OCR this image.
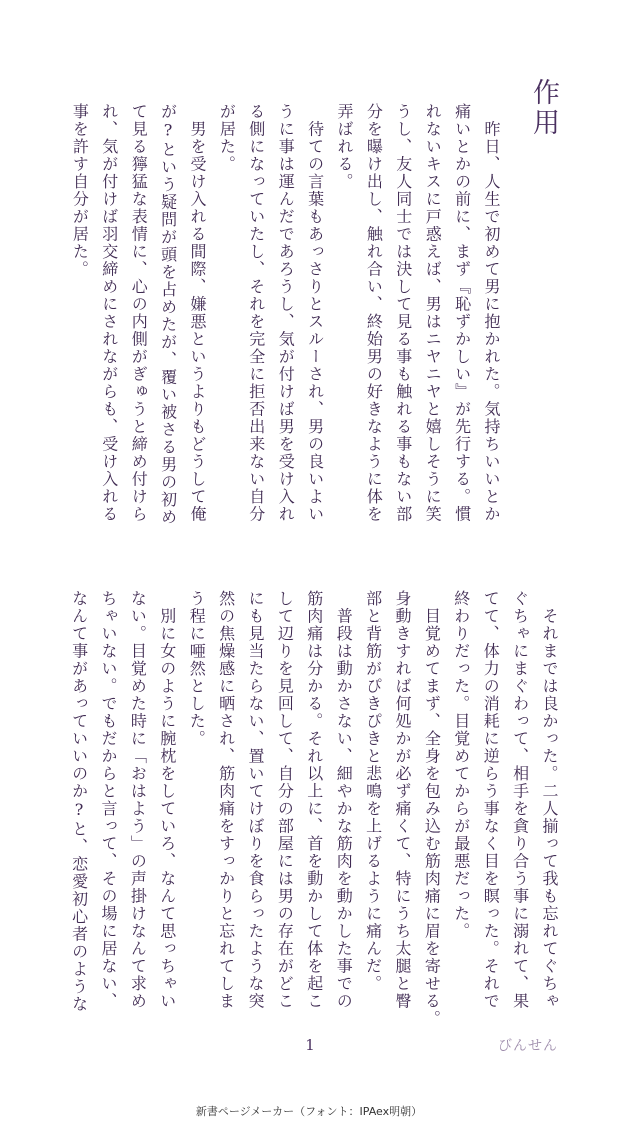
作用
　昨日、人生で初めて男に抱かれた。気持ちいいとか
痛いとかの前に、まず『恥ずかしい』が先行する。慣
れないキスに戸惑えば、男はニヤニヤと嬉しそうに笑
うし、友人同士では決して見る事も触れる事もない部
分を曝け出し、触れ合い、終始男の好きなように体を
弄ばれる。
　待ての言葉もあっさりとスルーされ、男の良いよい
うに事は運んだであろうし、気が付けば男を受け入れ
る側になっていたし、それを完全に拒否出来ない自分
が居た。
　男を受け入れる間際、嫌悪というよりもどうして俺
が?という疑問が頭を占めたが、覆い被さる男の初め
て見る獰猛な表情に、心の内側がぎゅうと締め付けら
れ、気が付けば羽交締めにされながらも、受け入れる
事を許す自分が居た。
　それまでは良かった。二人揃って我も忘れてぐちゃ
ぐちゃにまぐわって、相手を貪り合う事に溺れて、果
てて、体力の消耗に逆らう事なく目を瞑った。それで
終わりだった。目覚めてからが最悪だった。
　目覚めてまず、全身を包み込む筋肉痛に眉を寄せる。
身動きすれば何処かが必ず痛くて、特にうち太腿と臀
部と背筋がぴきぴきと悲鳴を上げるように痛んだ。
　普段は動かさない、細やかな筋肉を動かした事での
筋肉痛は分かる。それ以上に、首を動かして体を起こ
して辺りを見回して、自分の部屋には男の存在がどこ
にも見当たらない、置いてけぼりを食らったような突
然の焦燥感に晒され、筋肉痛をすっかりと忘れてしま
う程に唖然とした。
　別に女のように腕枕をしていろ、なんて思っちゃい
ない。目覚めた時に「おはよう」の声掛けなんて求め
ちゃいない。でもだからと言って、その場に居ない、
なんて事があっていいのか?と、恋愛初心者のような
1	びんせん
新書ページメーカー（フォント：IPAex明朝）
